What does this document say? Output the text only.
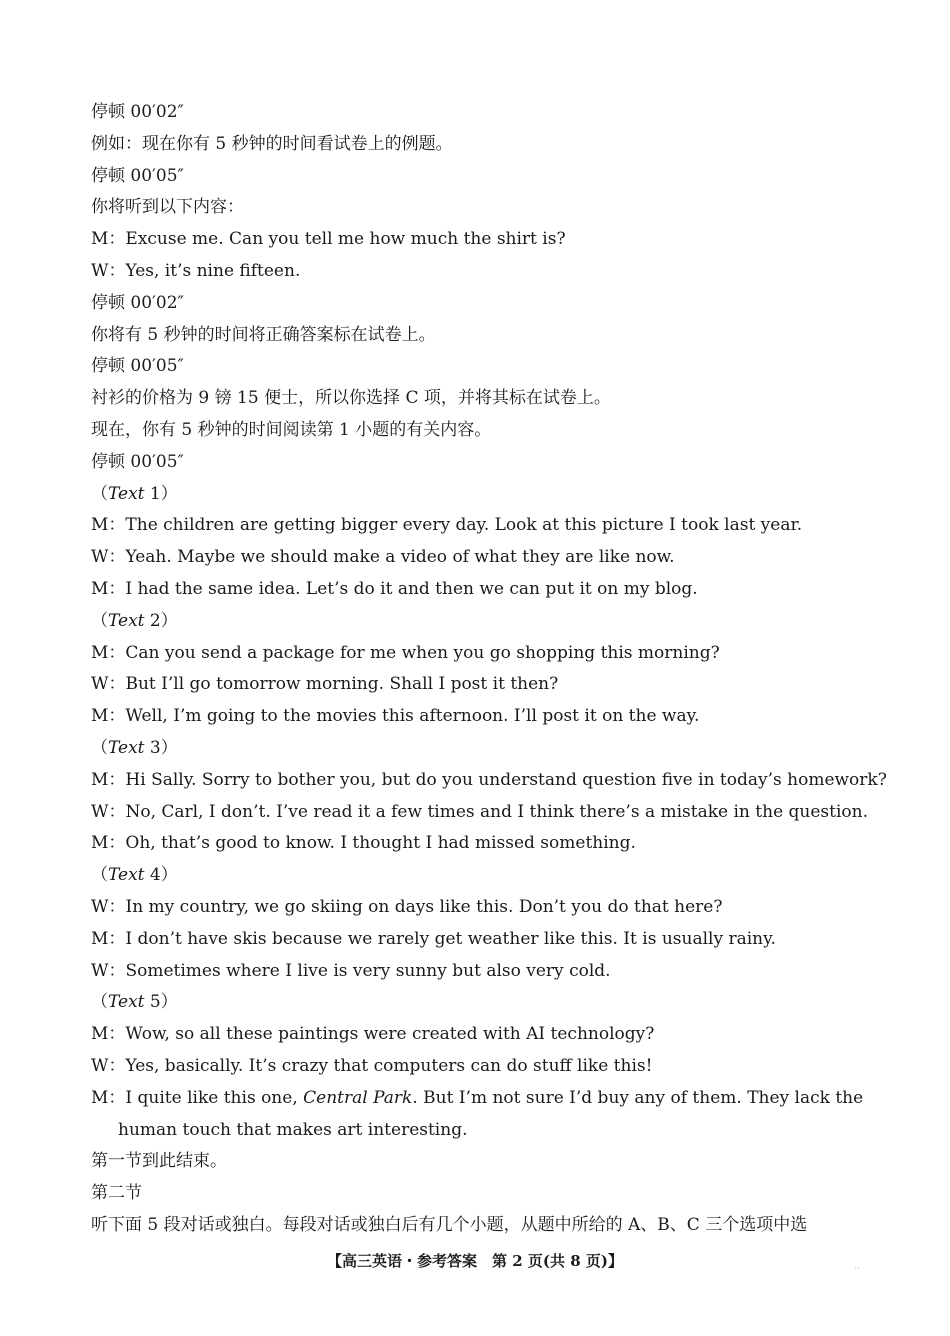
停顿 00′02″
例如：现在你有 5 秒钟的时间看试卷上的例题。
停顿 00′05″
你将听到以下内容：
M：Excuse me. Can you tell me how much the shirt is?
W：Yes, it’s nine fifteen.
停顿 00′02″
你将有 5 秒钟的时间将正确答案标在试卷上。
停顿 00′05″
衬衫的价格为 9 镑 15 便士，所以你选择 C 项，并将其标在试卷上。
现在，你有 5 秒钟的时间阅读第 1 小题的有关内容。
停顿 00′05″
（Text 1）
M：The children are getting bigger every day. Look at this picture I took last year.
W：Yeah. Maybe we should make a video of what they are like now.
M：I had the same idea. Let’s do it and then we can put it on my blog.
（Text 2）
M：Can you send a package for me when you go shopping this morning?
W：But I’ll go tomorrow morning. Shall I post it then?
M：Well, I’m going to the movies this afternoon. I’ll post it on the way.
（Text 3）
M：Hi Sally. Sorry to bother you, but do you understand question five in today’s homework?
W：No, Carl, I don’t. I’ve read it a few times and I think there’s a mistake in the question.
M：Oh, that’s good to know. I thought I had missed something.
（Text 4）
W：In my country, we go skiing on days like this. Don’t you do that here?
M：I don’t have skis because we rarely get weather like this. It is usually rainy.
W：Sometimes where I live is very sunny but also very cold.
（Text 5）
M：Wow, so all these paintings were created with AI technology?
W：Yes, basically. It’s crazy that computers can do stuff like this!
M：I quite like this one, Central Park. But I’m not sure I’d buy any of them. They lack the
human touch that makes art interesting.
第一节到此结束。
第二节
听下面 5 段对话或独白。每段对话或独白后有几个小题，从题中所给的 A、B、C 三个选项中选
【高三英语・参考答案　第 2 页(共 8 页)】	..
